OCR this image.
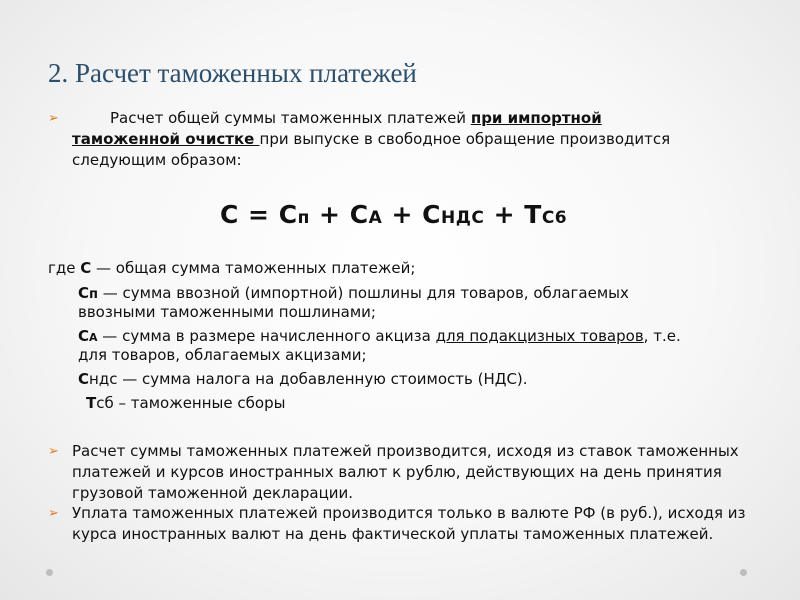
2. Расчет таможенных платежей
➢	Расчет общей суммы таможенных платежей при импортной таможенной очистке при выпуске в свободное обращение производится следующим образом:
С = Сп + СА + СНДС + ТС6
где С — общая сумма таможенных платежей;
Сп — сумма ввозной (импортной) пошлины для товаров, облагаемых
ввозными таможенными пошлинами;
СА — сумма в размере начисленного акциза для подакцизных товаров, т.е.
для товаров, облагаемых акцизами;
Сндс — сумма налога на добавленную стоимость (НДС).
Тсб – таможенные сборы
➢ Расчет суммы таможенных платежей производится, исходя из ставок таможенных платежей и курсов иностранных валют к рублю, действующих на день принятия грузовой таможенной декларации.
➢ Уплата таможенных платежей производится только в валюте РФ (в руб.), исходя из курса иностранных валют на день фактической уплаты таможенных платежей.
